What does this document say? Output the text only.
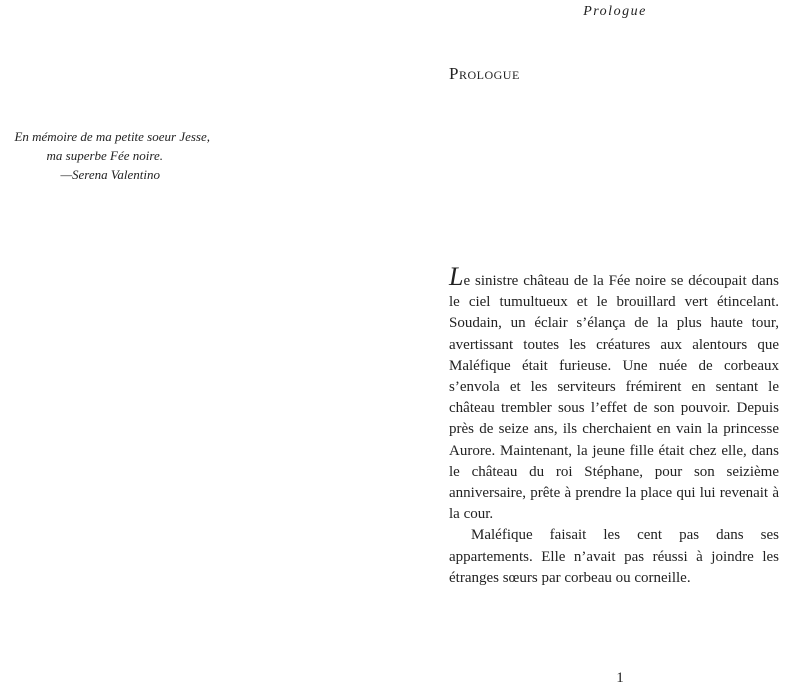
Prologue
Prologue
En mémoire de ma petite soeur Jesse,
ma superbe Fée noire.
—Serena Valentino

Le sinistre château de la Fée noire se découpait dans le ciel tumultueux et le brouillard vert étincelant. Soudain, un éclair s’élança de la plus haute tour, avertissant toutes les créatures aux alentours que Maléfique était furieuse. Une nuée de corbeaux s’envola et les serviteurs frémirent en sentant le château trembler sous l’effet de son pouvoir. Depuis près de seize ans, ils cherchaient en vain la princesse Aurore. Maintenant, la jeune fille était chez elle, dans le château du roi Stéphane, pour son seizième anniversaire, prête à prendre la place qui lui revenait à la cour.

Maléfique faisait les cent pas dans ses appartements. Elle n’avait pas réussi à joindre les étranges sœurs par corbeau ou corneille.

1
